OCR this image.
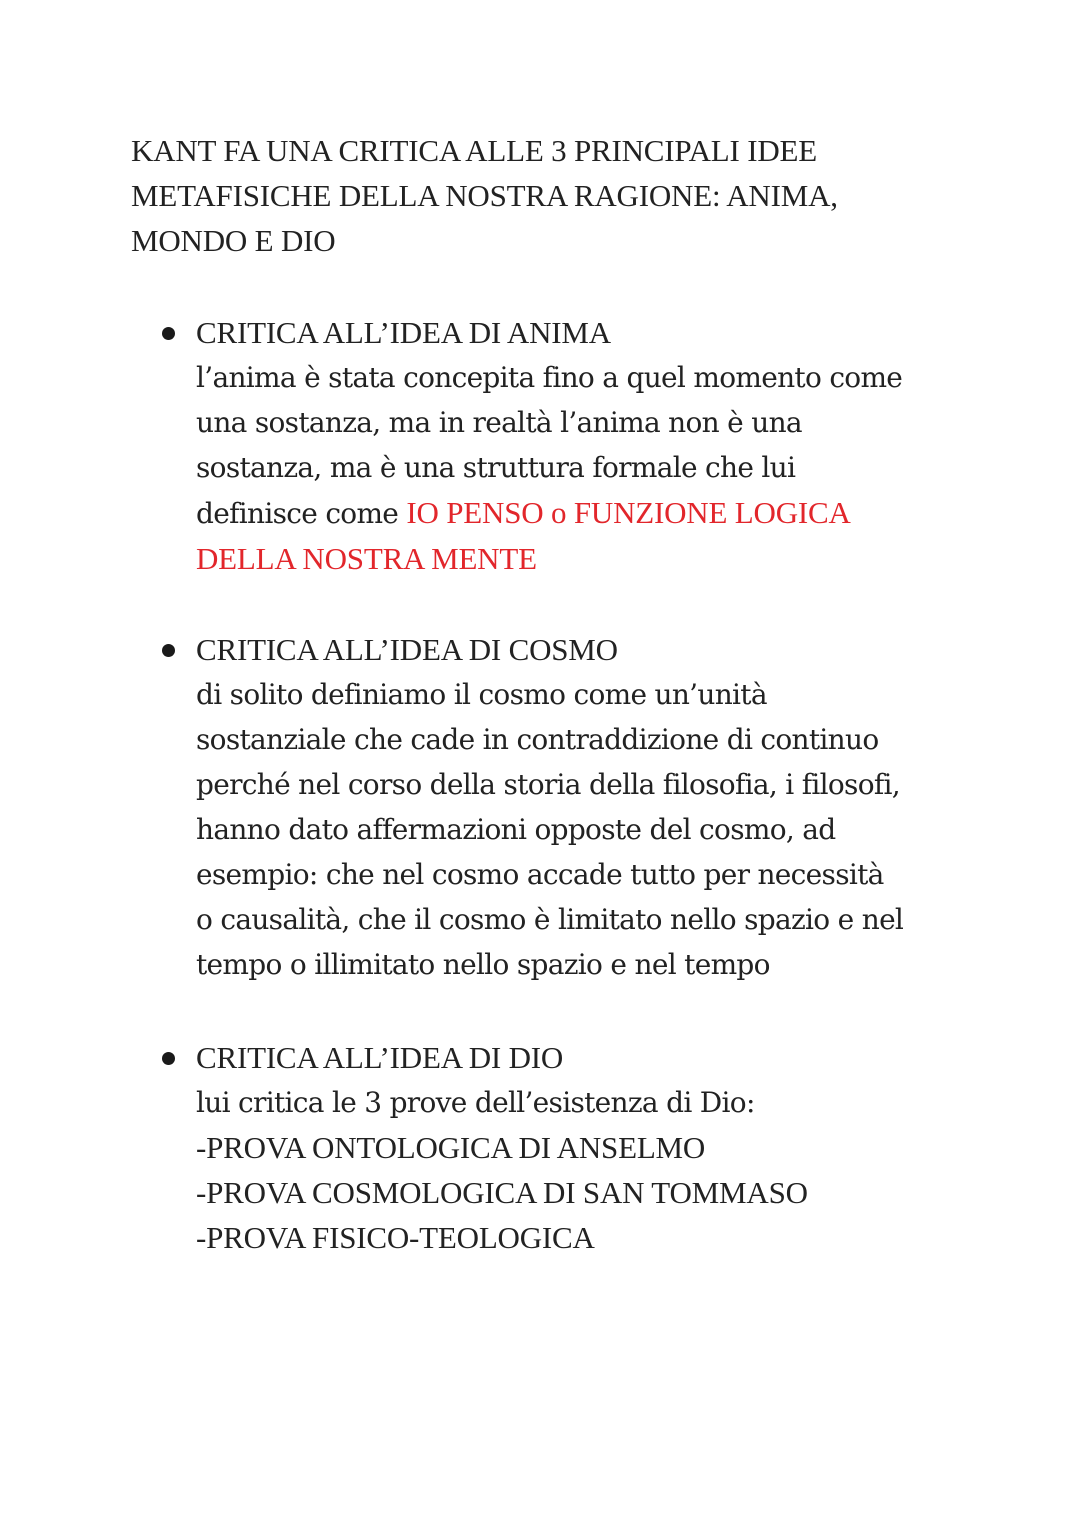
KANT FA UNA CRITICA ALLE 3 PRINCIPALI IDEE
METAFISICHE DELLA NOSTRA RAGIONE: ANIMA,
MONDO E DIO

CRITICA ALL’IDEA DI ANIMA

l’anima è stata concepita fino a quel momento come
una sostanza, ma in realtà l’anima non è una
sostanza, ma è una struttura formale che lui
definisce come IO PENSO o FUNZIONE LOGICA
DELLA NOSTRA MENTE

CRITICA ALL’IDEA DI COSMO

di solito definiamo il cosmo come un’unità
sostanziale che cade in contraddizione di continuo
perché nel corso della storia della filosofia, i filosofi,
hanno dato affermazioni opposte del cosmo, ad
esempio: che nel cosmo accade tutto per necessità
o causalità, che il cosmo è limitato nello spazio e nel
tempo o illimitato nello spazio e nel tempo

CRITICA ALL’IDEA DI DIO

lui critica le 3 prove dell’esistenza di Dio:
-PROVA ONTOLOGICA DI ANSELMO
-PROVA COSMOLOGICA DI SAN TOMMASO
-PROVA FISICO-TEOLOGICA
